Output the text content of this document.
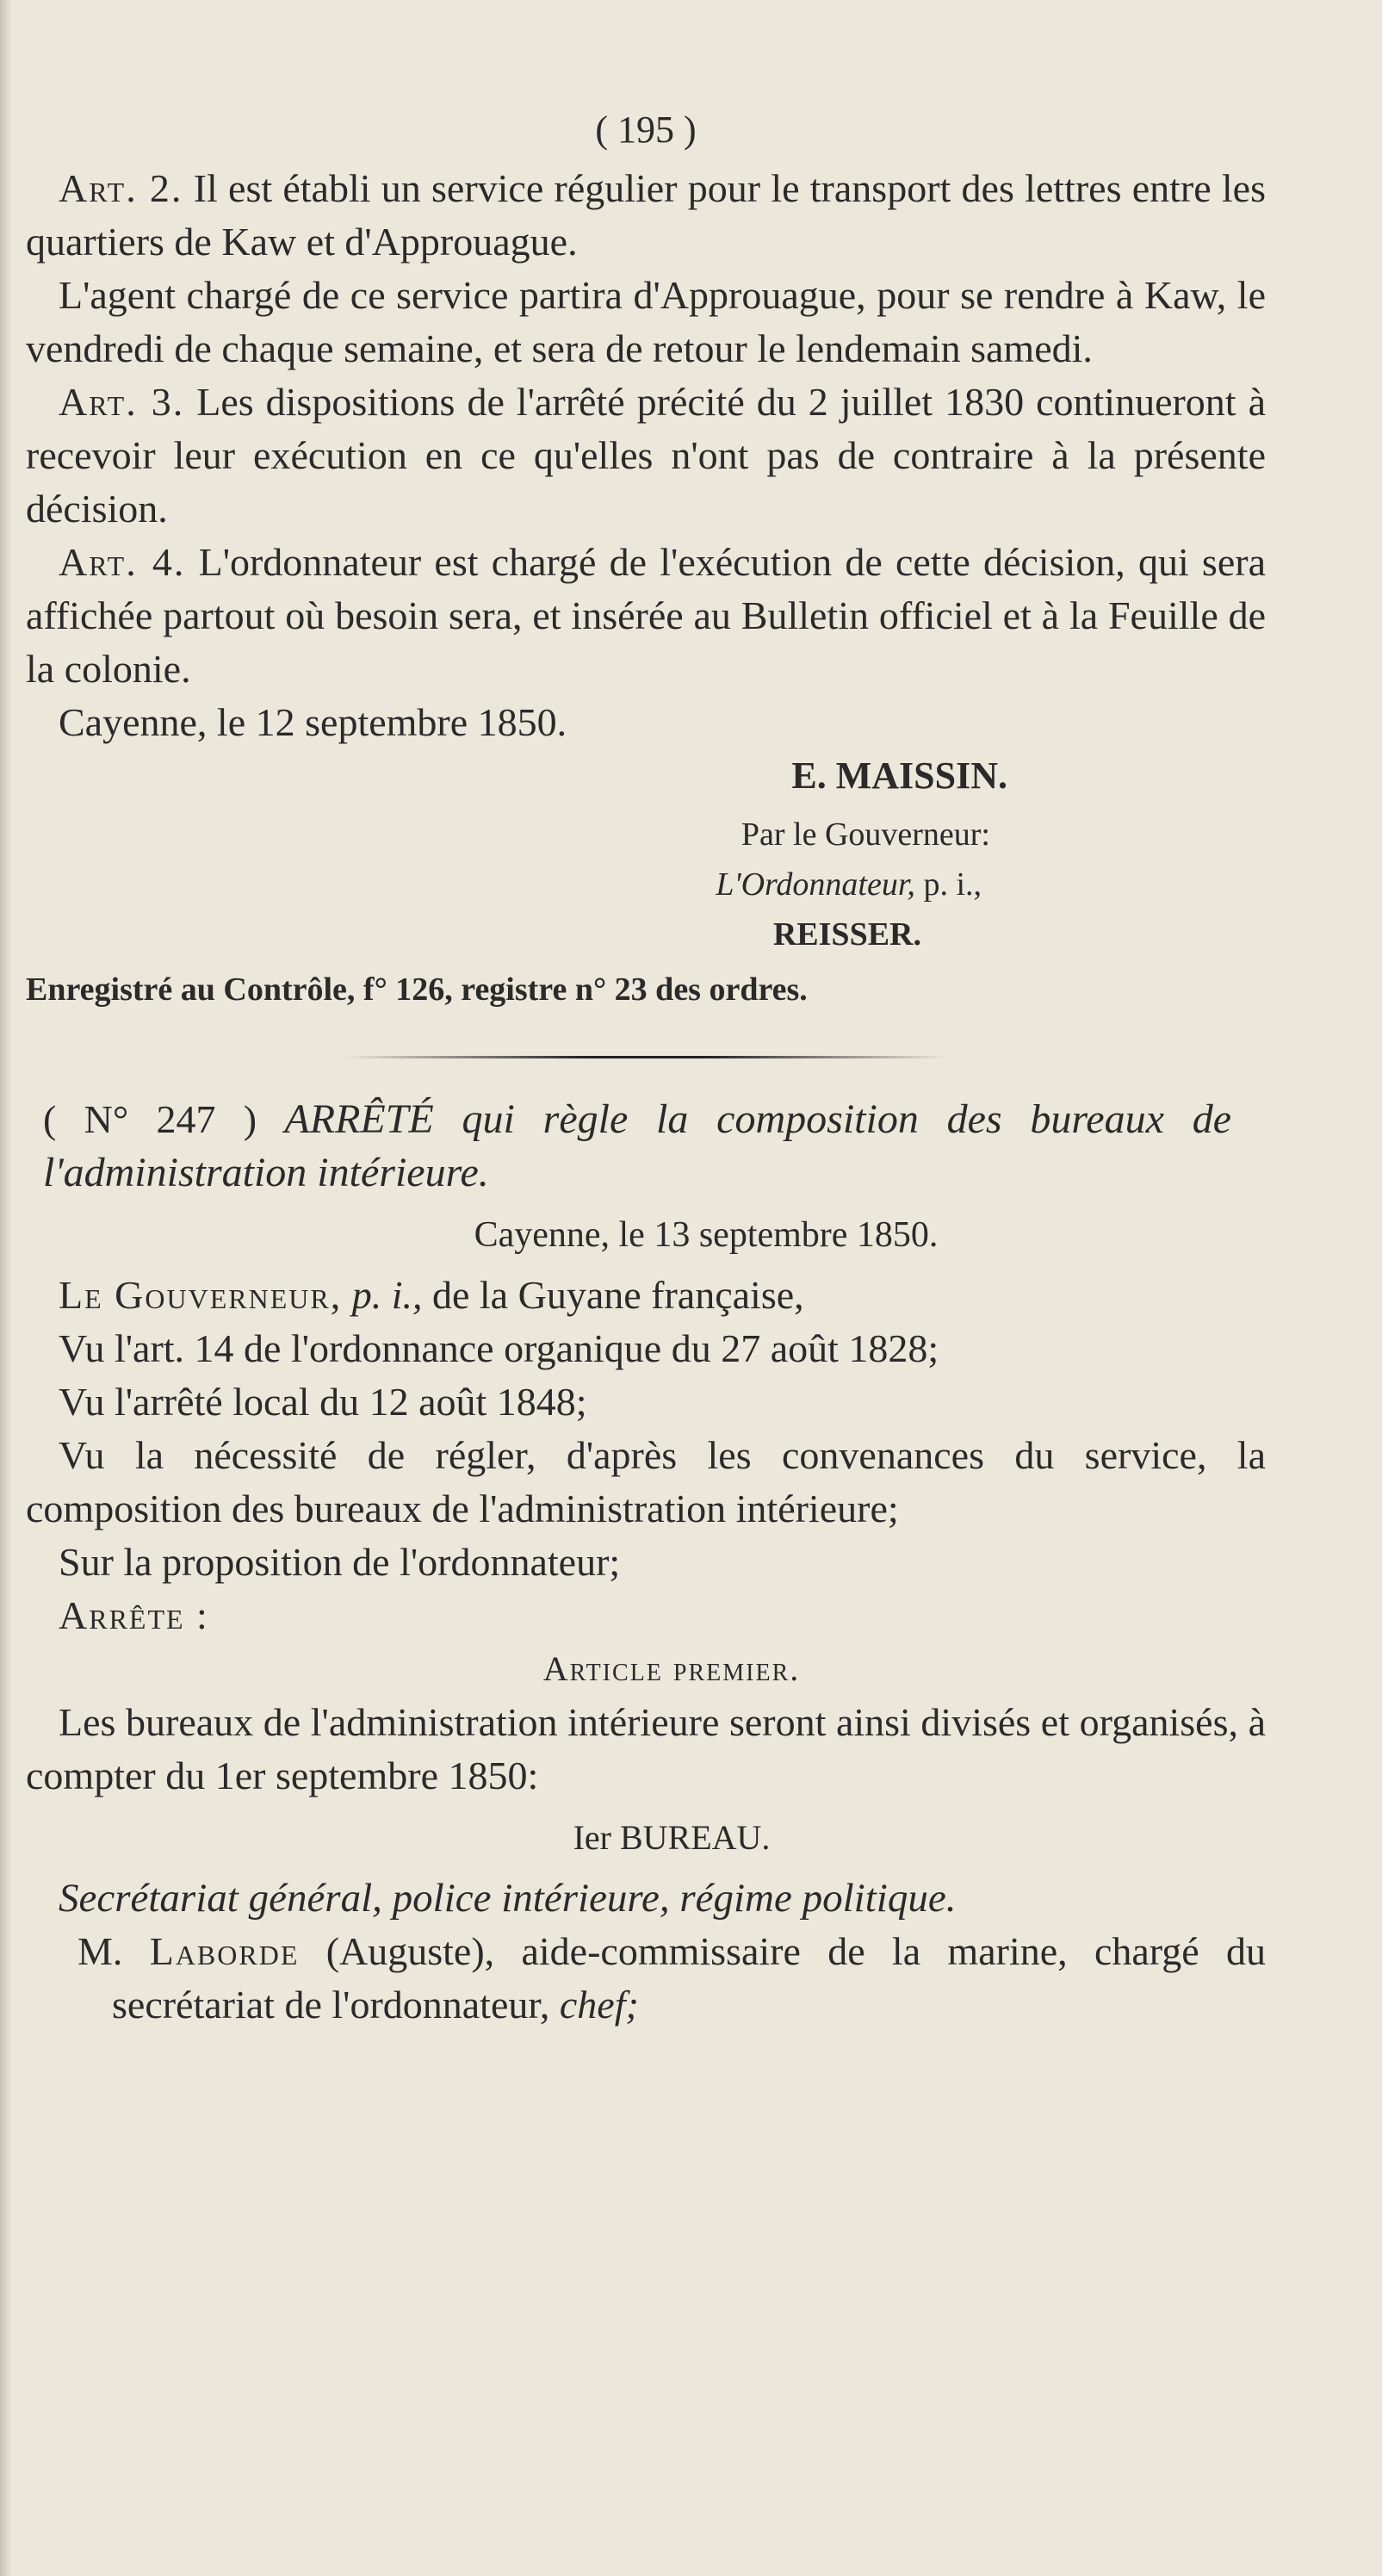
( 195 )

Art. 2. Il est établi un service régulier pour le transport des lettres entre les quartiers de Kaw et d'Approuague.

L'agent chargé de ce service partira d'Approuague, pour se rendre à Kaw, le vendredi de chaque semaine, et sera de retour le lendemain samedi.

Art. 3. Les dispositions de l'arrêté précité du 2 juillet 1830 continueront à recevoir leur exécution en ce qu'elles n'ont pas de contraire à la présente décision.

Art. 4. L'ordonnateur est chargé de l'exécution de cette décision, qui sera affichée partout où besoin sera, et insérée au Bulletin officiel et à la Feuille de la colonie.

Cayenne, le 12 septembre 1850.

E. MAISSIN.

Par le Gouverneur:

L'Ordonnateur, p. i.,

REISSER.

Enregistré au Contrôle, f° 126, registre n° 23 des ordres.

( N° 247 ) ARRÊTÉ qui règle la composition des bureaux de l'administration intérieure.

Cayenne, le 13 septembre 1850.

Le Gouverneur, p. i., de la Guyane française,

Vu l'art. 14 de l'ordonnance organique du 27 août 1828;

Vu l'arrêté local du 12 août 1848;

Vu la nécessité de régler, d'après les convenances du service, la composition des bureaux de l'administration intérieure;

Sur la proposition de l'ordonnateur;

Arrête :

Article premier.

Les bureaux de l'administration intérieure seront ainsi divisés et organisés, à compter du 1er septembre 1850:

Ier BUREAU.

Secrétariat général, police intérieure, régime politique.

M. Laborde (Auguste), aide-commissaire de la marine, chargé du secrétariat de l'ordonnateur, chef;
